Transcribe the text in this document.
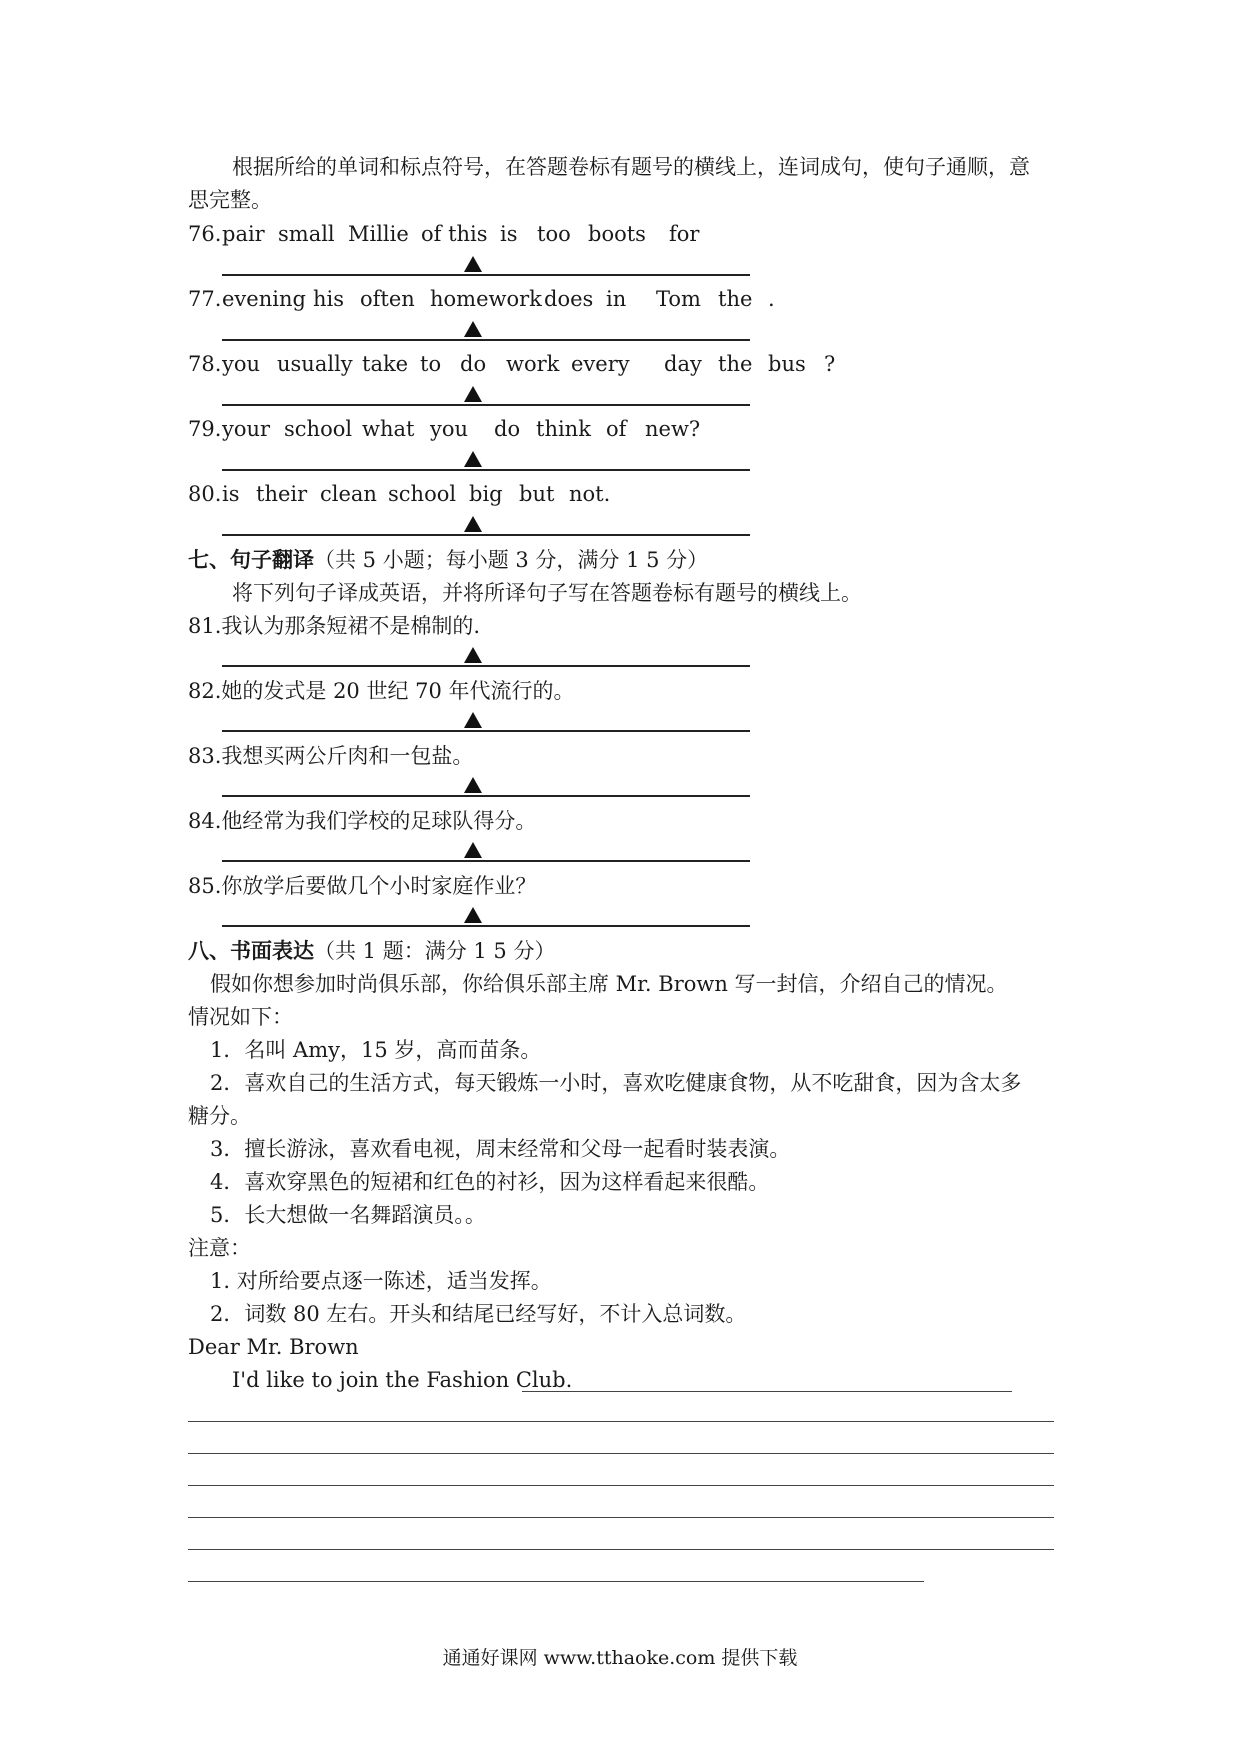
根据所给的单词和标点符号，在答题卷标有题号的横线上，连词成句，使句子通顺，意
思完整。
76. pair small Millie of this is too boots for
77. evening his often homework does in Tom the .
78. you usually take to do work every day the bus ?
79. your school what you do think of new?
80. is their clean school big but not.
七、句子翻译（共 5 小题；每小题 3 分，满分 1 5 分）
将下列句子译成英语，并将所译句子写在答题卷标有题号的横线上。
81.我认为那条短裙不是棉制的.
82.她的发式是 20 世纪 70 年代流行的。
83.我想买两公斤肉和一包盐。
84.他经常为我们学校的足球队得分。
85.你放学后要做几个小时家庭作业？
八、书面表达（共 1 题：满分 1 5 分）
假如你想参加时尚俱乐部，你给俱乐部主席 Mr. Brown 写一封信，介绍自己的情况。
情况如下：
1．名叫 Amy，15 岁，高而苗条。
2．喜欢自己的生活方式，每天锻炼一小时，喜欢吃健康食物，从不吃甜食，因为含太多
糖分。
3．擅长游泳，喜欢看电视，周末经常和父母一起看时装表演。
4．喜欢穿黑色的短裙和红色的衬衫，因为这样看起来很酷。
5．长大想做一名舞蹈演员。。
注意：
1. 对所给要点逐一陈述，适当发挥。
2．词数 80 左右。开头和结尾已经写好，不计入总词数。
Dear Mr. Brown
I'd like to join the Fashion Club.
通通好课网 www.tthaoke.com 提供下载
